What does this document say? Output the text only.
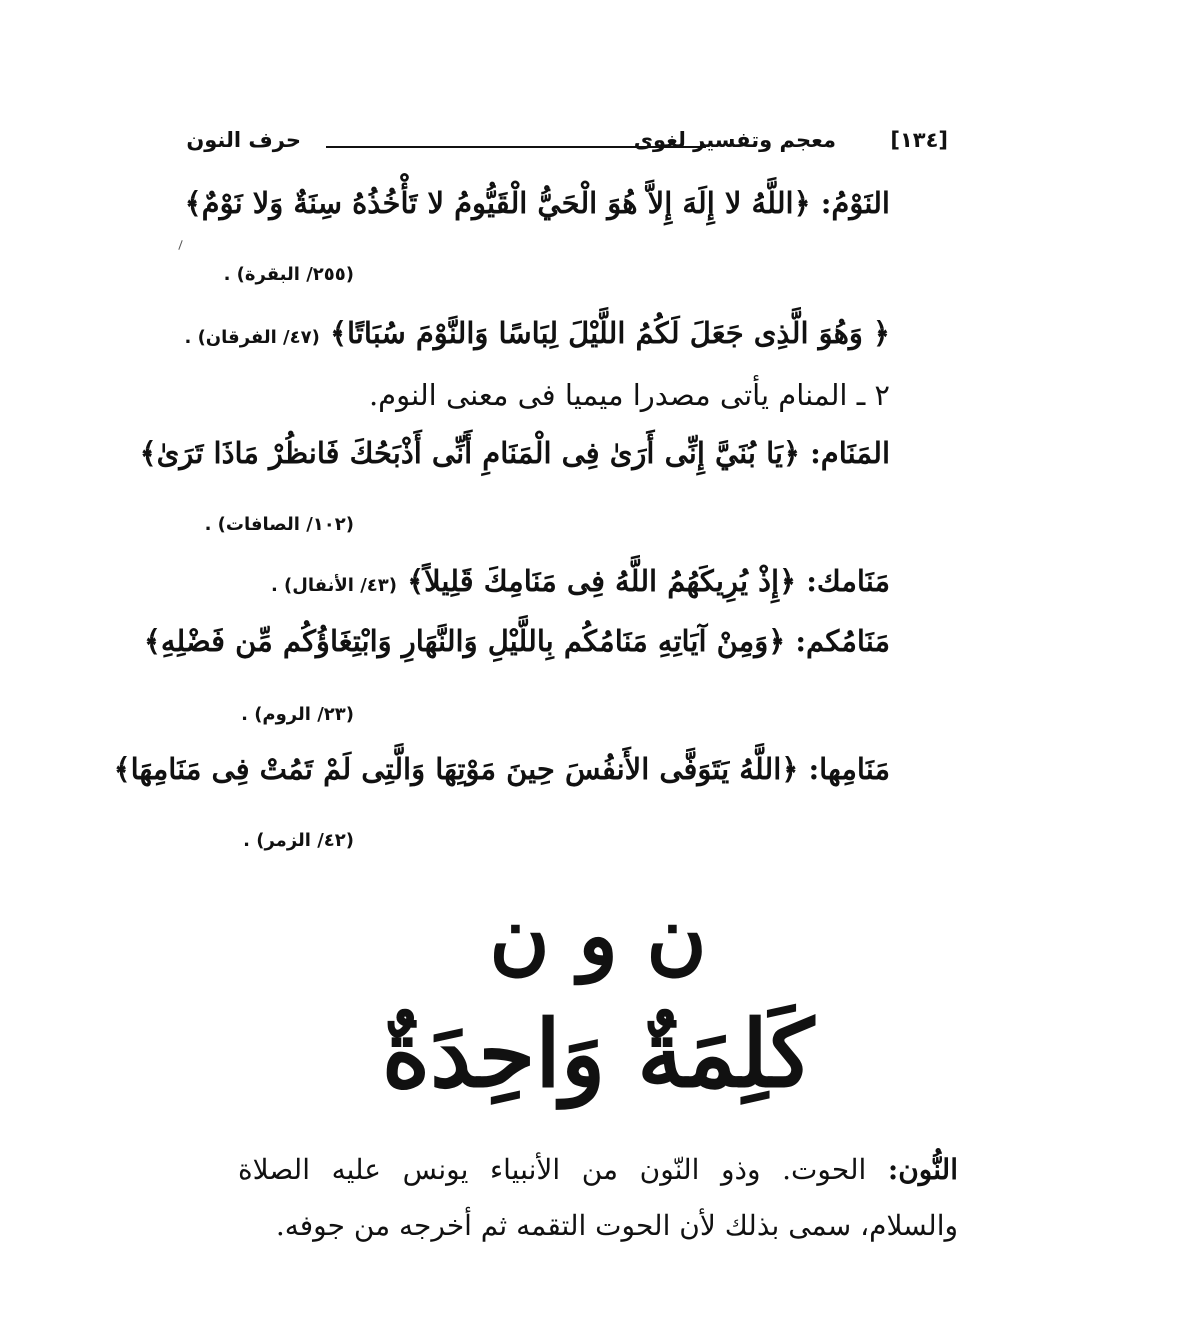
[١٣٤]
معجم وتفسير لغوى
حرف النون
النَوْمُ: ﴿اللَّهُ لا إِلَهَ إِلاَّ هُوَ الْحَيُّ الْقَيُّومُ لا تَأْخُذُهُ سِنَةٌ وَلا نَوْمٌ﴾
(٢٥٥/ البقرة) .
﴿ وَهُوَ الَّذِى جَعَلَ لَكُمُ اللَّيْلَ لِبَاسًا وَالنَّوْمَ سُبَاتًا﴾ (٤٧/ الفرقان) .
٢ ـ المنام يأتى مصدرا ميميا فى معنى النوم.
المَنَام: ﴿يَا بُنَيَّ إِنِّى أَرَىٰ فِى الْمَنَامِ أَنِّى أَذْبَحُكَ فَانظُرْ مَاذَا تَرَىٰ﴾
(١٠٢/ الصافات) .
مَنَامك: ﴿إِذْ يُرِيكَهُمُ اللَّهُ فِى مَنَامِكَ قَلِيلاً﴾ (٤٣/ الأنفال) .
مَنَامُكم: ﴿وَمِنْ آيَاتِهِ مَنَامُكُم بِاللَّيْلِ وَالنَّهَارِ وَابْتِغَاؤُكُم مِّن فَضْلِهِ﴾
(٢٣/ الروم) .
مَنَامِها: ﴿اللَّهُ يَتَوَفَّى الأَنفُسَ حِينَ مَوْتِهَا وَالَّتِى لَمْ تَمُتْ فِى مَنَامِهَا﴾
(٤٢/ الزمر) .
ن و ن
كَلِمَةٌ وَاحِدَةٌ
النُّون: الحوت. وذو النّون من الأنبياء يونس عليه الصلاة والسلام، سمى بذلك لأن الحوت التقمه ثم أخرجه من جوفه.
